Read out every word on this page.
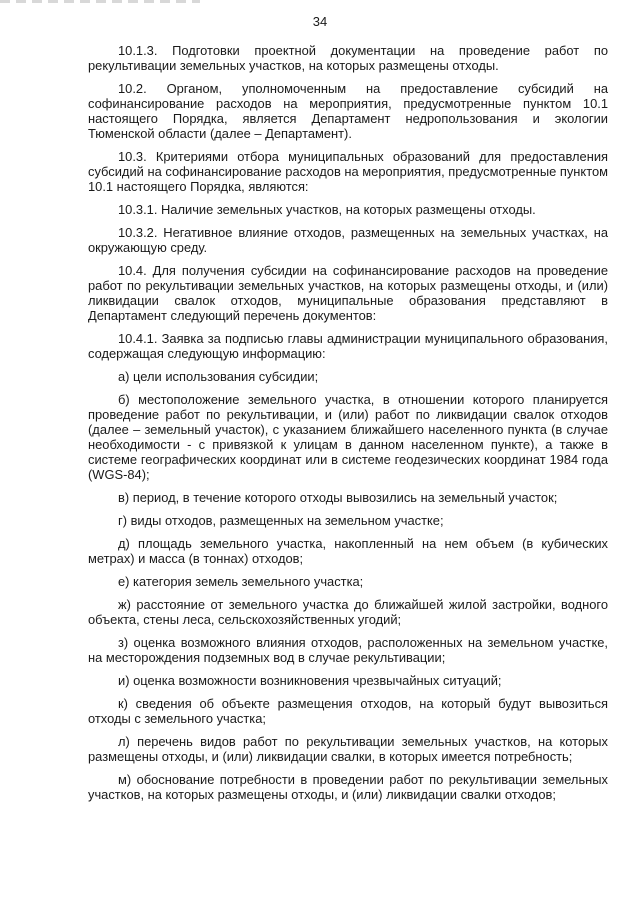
34

10.1.3. Подготовки проектной документации на проведение работ по рекультивации земельных участков, на которых размещены отходы.

10.2. Органом, уполномоченным на предоставление субсидий на софинансирование расходов на мероприятия, предусмотренные пунктом 10.1 настоящего Порядка, является Департамент недропользования и экологии Тюменской области (далее – Департамент).

10.3. Критериями отбора муниципальных образований для предоставления субсидий на софинансирование расходов на мероприятия, предусмотренные пунктом 10.1 настоящего Порядка, являются:

10.3.1. Наличие земельных участков, на которых размещены отходы.

10.3.2. Негативное влияние отходов, размещенных на земельных участках, на окружающую среду.

10.4. Для получения субсидии на софинансирование расходов на проведение работ по рекультивации земельных участков, на которых размещены отходы, и (или) ликвидации свалок отходов, муниципальные образования представляют в Департамент следующий перечень документов:

10.4.1. Заявка за подписью главы администрации муниципального образования, содержащая следующую информацию:

а) цели использования субсидии;

б) местоположение земельного участка, в отношении которого планируется проведение работ по рекультивации, и (или) работ по ликвидации свалок отходов (далее – земельный участок), с указанием ближайшего населенного пункта (в случае необходимости - с привязкой к улицам в данном населенном пункте), а также в системе географических координат или в системе геодезических координат 1984 года (WGS-84);

в) период, в течение которого отходы вывозились на земельный участок;

г) виды отходов, размещенных на земельном участке;

д) площадь земельного участка, накопленный на нем объем (в кубических метрах) и масса (в тоннах) отходов;

е) категория земель земельного участка;

ж) расстояние от земельного участка до ближайшей жилой застройки, водного объекта, стены леса, сельскохозяйственных угодий;

з) оценка возможного влияния отходов, расположенных на земельном участке, на месторождения подземных вод в случае рекультивации;

и) оценка возможности возникновения чрезвычайных ситуаций;

к) сведения об объекте размещения отходов, на который будут вывозиться отходы с земельного участка;

л) перечень видов работ по рекультивации земельных участков, на которых размещены отходы, и (или) ликвидации свалки, в которых имеется потребность;

м) обоснование потребности в проведении работ по рекультивации земельных участков, на которых размещены отходы, и (или) ликвидации свалки отходов;
